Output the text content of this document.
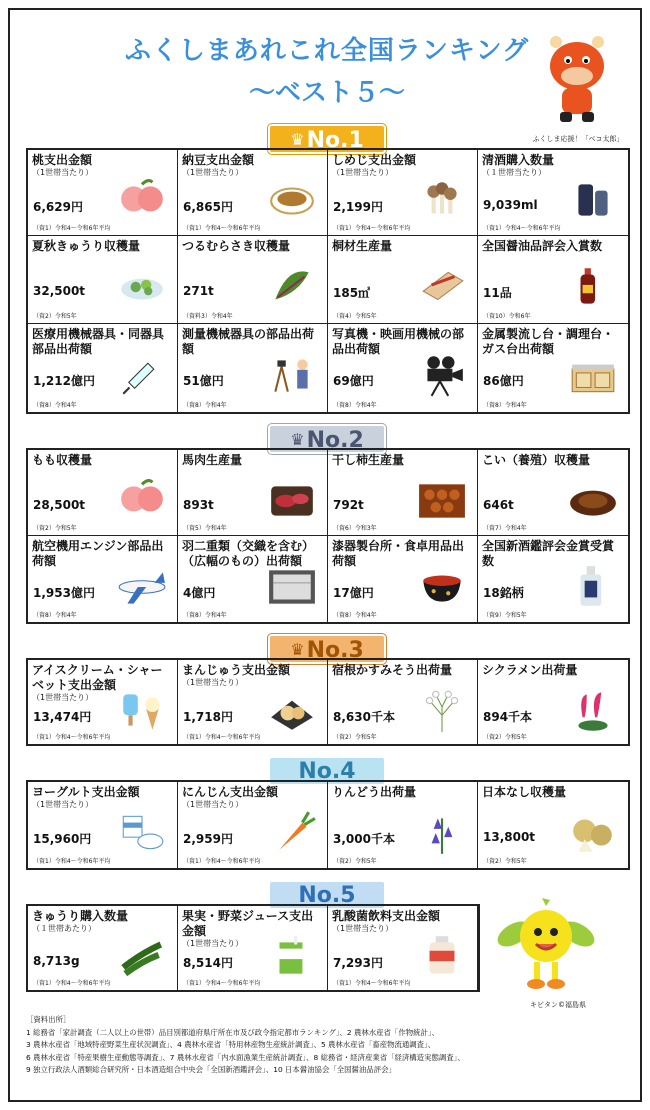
ふくしまあれこれ全国ランキング
〜ベスト５〜
ふくしま応援！「ベコ太郎」
♛No.1
♛No.2
♛No.3
No.4
No.5
桃支出金額
（1世帯当たり）
6,629円
（資1）令和4〜令和6年平均
納豆支出金額
（1世帯当たり）
6,865円
（資1）令和4〜令和6年平均
しめじ支出金額
（1世帯当たり）
2,199円
（資1）令和4〜令和6年平均
清酒購入数量
（１世帯当たり）
9,039ml
（資1）令和4〜令和6年平均
夏秋きゅうり収穫量
32,500t
（資2）令和5年
つるむらさき収穫量
271t
（資料3）令和4年
桐材生産量
185㎥
（資4）令和5年
全国醤油品評会入賞数
11品
（資10）令和6年
医療用機械器具・同器具部品出荷額
1,212億円
（資8）令和4年
測量機械器具の部品出荷額
51億円
（資8）令和4年
写真機・映画用機械の部品出荷額
69億円
（資8）令和4年
金属製流し台・調理台・ガス台出荷額
86億円
（資8）令和4年
もも収穫量
28,500t
（資2）令和5年
馬肉生産量
893t
（資5）令和4年
干し柿生産量
792t
（資6）令和3年
こい（養殖）収穫量
646t
（資7）令和4年
航空機用エンジン部品出荷額
1,953億円
（資8）令和4年
羽二重類（交織を含む）（広幅のもの）出荷額
4億円
（資8）令和4年
漆器製台所・食卓用品出荷額
17億円
（資8）令和4年
全国新酒鑑評会金賞受賞数
18銘柄
（資9）令和5年
アイスクリーム・シャーベット支出金額
（1世帯当たり）
13,474円
（資1）令和4〜令和6年平均
まんじゅう支出金額
（1世帯当たり）
1,718円
（資1）令和4〜令和6年平均
宿根かすみそう出荷量
8,630千本
（資2）令和5年
シクラメン出荷量
894千本
（資2）令和5年
ヨーグルト支出金額
（1世帯当たり）
15,960円
（資1）令和4〜令和6年平均
にんじん支出金額
（1世帯当たり）
2,959円
（資1）令和4〜令和6年平均
りんどう出荷量
3,000千本
（資2）令和5年
日本なし収穫量
13,800t
（資2）令和5年
きゅうり購入数量
（１世帯あたり）
8,713g
（資1）令和4〜令和6年平均
果実・野菜ジュース支出金額
（1世帯当たり）
8,514円
（資1）令和4〜令和6年平均
乳酸菌飲料支出金額
（1世帯当たり）
7,293円
（資1）令和4〜令和6年平均
キビタン©福島県
［資料出所］
1 総務省「家計調査（二人以上の世帯）品目別都道府県庁所在市及び政令指定都市ランキング」、2 農林水産省「作物統計」、
3 農林水産省「地域特産野菜生産状況調査」、4 農林水産省「特用林産物生産統計調査」、5 農林水産省「畜産物流通調査」、
6 農林水産省「特産果樹生産動態等調査」、7 農林水産省「内水面漁業生産統計調査」、8 総務省・経済産業省「経済構造実態調査」、
9 独立行政法人酒類総合研究所・日本酒造組合中央会「全国新酒鑑評会」、10 日本醤油協会「全国醤油品評会」
